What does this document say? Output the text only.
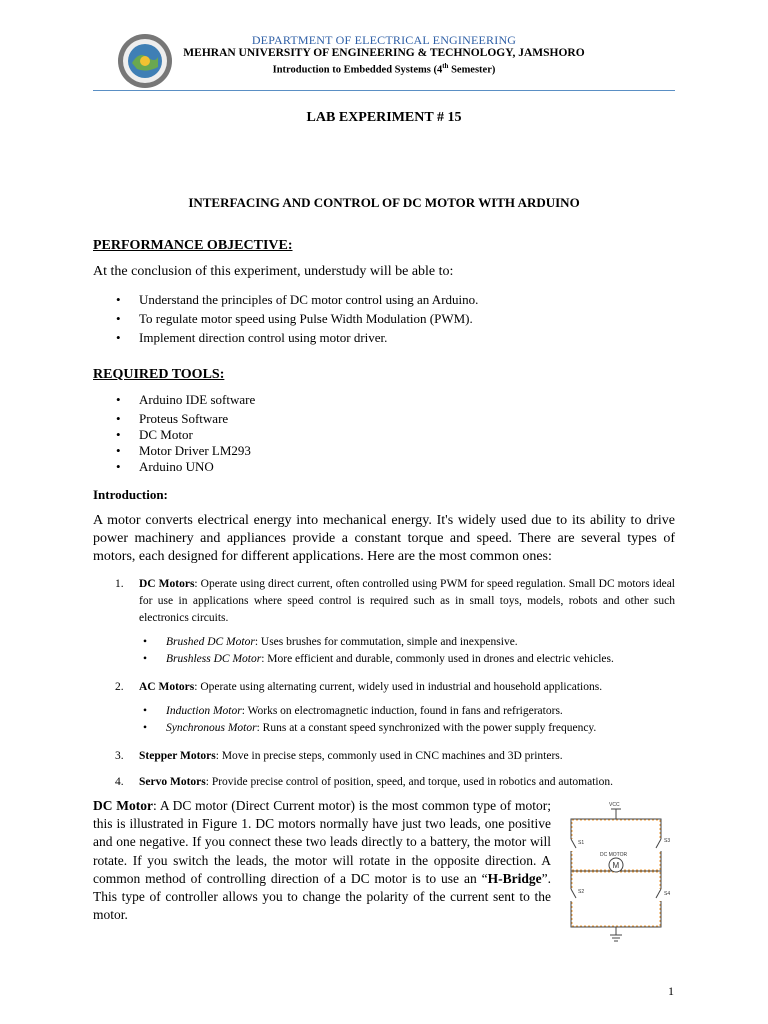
DEPARTMENT OF ELECTRICAL ENGINEERING
MEHRAN UNIVERSITY OF ENGINEERING & TECHNOLOGY, JAMSHORO
Introduction to Embedded Systems (4th Semester)
LAB EXPERIMENT # 15
INTERFACING AND CONTROL OF DC MOTOR WITH ARDUINO
PERFORMANCE OBJECTIVE:
At the conclusion of this experiment, understudy will be able to:
• Understand the principles of DC motor control using an Arduino.
• To regulate motor speed using Pulse Width Modulation (PWM).
• Implement direction control using motor driver.
REQUIRED TOOLS:
• Arduino IDE software
• Proteus Software
• DC Motor
• Motor Driver LM293
• Arduino UNO
Introduction:
A motor converts electrical energy into mechanical energy. It's widely used due to its ability to drive power machinery and appliances provide a constant torque and speed. There are several types of motors, each designed for different applications. Here are the most common ones:
1. DC Motors: Operate using direct current, often controlled using PWM for speed regulation. Small DC motors ideal for use in applications where speed control is required such as in small toys, models, robots and other such electronics circuits.
• Brushed DC Motor: Uses brushes for commutation, simple and inexpensive.
• Brushless DC Motor: More efficient and durable, commonly used in drones and electric vehicles.
2. AC Motors: Operate using alternating current, widely used in industrial and household applications.
• Induction Motor: Works on electromagnetic induction, found in fans and refrigerators.
• Synchronous Motor: Runs at a constant speed synchronized with the power supply frequency.
3. Stepper Motors: Move in precise steps, commonly used in CNC machines and 3D printers.
4. Servo Motors: Provide precise control of position, speed, and torque, used in robotics and automation.
DC Motor: A DC motor (Direct Current motor) is the most common type of motor; this is illustrated in Figure 1. DC motors normally have just two leads, one positive and one negative. If you connect these two leads directly to a battery, the motor will rotate. If you switch the leads, the motor will rotate in the opposite direction. A common method of controlling direction of a DC motor is to use an “H-Bridge”. This type of controller allows you to change the polarity of the current sent to the motor.
VCC
S1	S3
S2	S4
DC MOTOR
M
1
